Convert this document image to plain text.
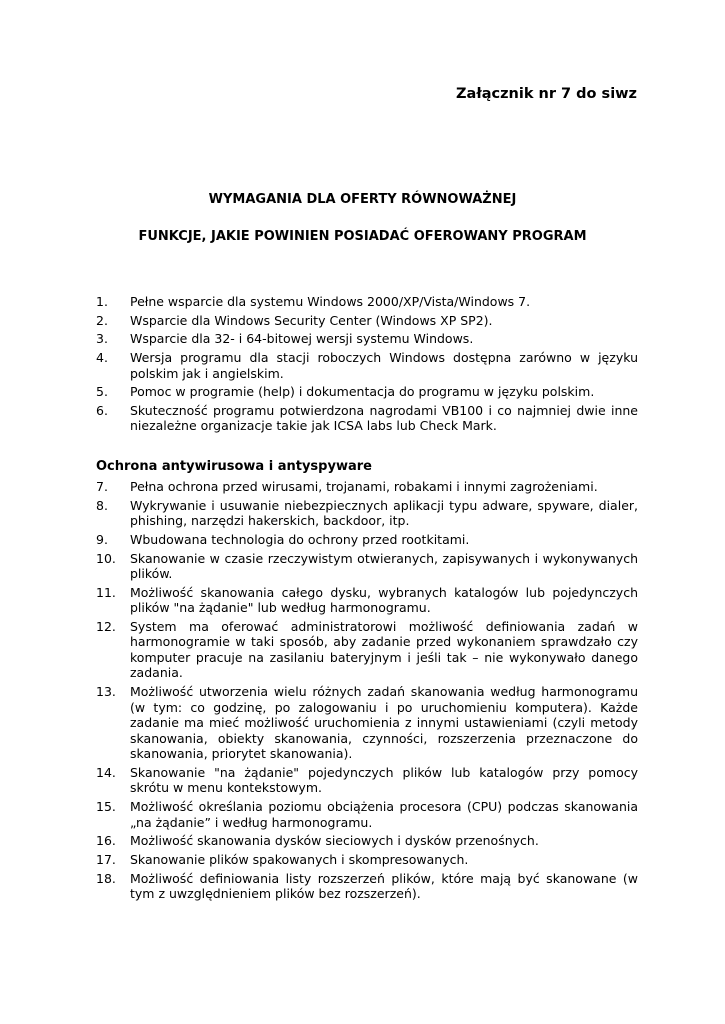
Załącznik nr 7 do siwz
WYMAGANIA DLA OFERTY RÓWNOWAŻNEJ
FUNKCJE, JAKIE POWINIEN POSIADAĆ OFEROWANY PROGRAM
1.	Pełne wsparcie dla systemu Windows 2000/XP/Vista/Windows 7.
2.	Wsparcie dla Windows Security Center (Windows XP SP2).
3.	Wsparcie dla 32- i 64-bitowej wersji systemu Windows.
4.	Wersja programu dla stacji roboczych Windows dostępna zarówno w języku polskim jak i angielskim.
5.	Pomoc w programie (help) i dokumentacja do programu w języku polskim.
6.	Skuteczność programu potwierdzona nagrodami VB100 i co najmniej dwie inne niezależne organizacje takie jak ICSA labs lub Check Mark.
Ochrona antywirusowa i antyspyware
7.	Pełna ochrona przed wirusami, trojanami, robakami i innymi zagrożeniami.
8.	Wykrywanie i usuwanie niebezpiecznych aplikacji typu adware, spyware, dialer, phishing, narzędzi hakerskich, backdoor, itp.
9.	Wbudowana technologia do ochrony przed rootkitami.
10.	Skanowanie w czasie rzeczywistym otwieranych, zapisywanych i wykonywanych plików.
11.	Możliwość skanowania całego dysku, wybranych katalogów lub pojedynczych plików "na żądanie" lub według harmonogramu.
12.	System ma oferować administratorowi możliwość definiowania zadań w harmonogramie w taki sposób, aby zadanie przed wykonaniem sprawdzało czy komputer pracuje na zasilaniu bateryjnym i jeśli tak – nie wykonywało danego zadania.
13.	Możliwość utworzenia wielu różnych zadań skanowania według harmonogramu (w tym: co godzinę, po zalogowaniu i po uruchomieniu komputera). Każde zadanie ma mieć możliwość uruchomienia z innymi ustawieniami (czyli metody skanowania, obiekty skanowania, czynności, rozszerzenia przeznaczone do skanowania, priorytet skanowania).
14.	Skanowanie "na żądanie" pojedynczych plików lub katalogów przy pomocy skrótu w menu kontekstowym.
15.	Możliwość określania poziomu obciążenia procesora (CPU) podczas skanowania „na żądanie” i według harmonogramu.
16.	Możliwość skanowania dysków sieciowych i dysków przenośnych.
17.	Skanowanie plików spakowanych i skompresowanych.
18.	Możliwość definiowania listy rozszerzeń plików, które mają być skanowane (w tym z uwzględnieniem plików bez rozszerzeń).
